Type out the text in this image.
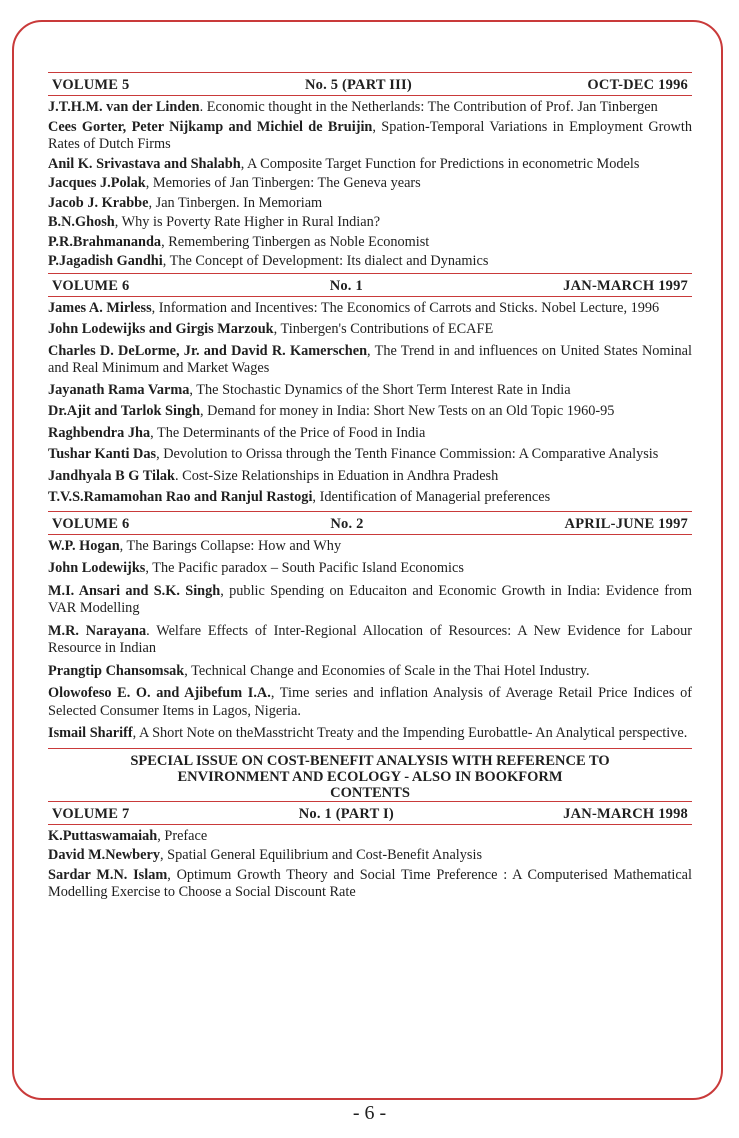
VOLUME 5	No. 5 (PART III)	OCT-DEC 1996
J.T.H.M. van der Linden. Economic thought in the Netherlands: The Contribution of Prof. Jan Tinbergen
Cees Gorter, Peter Nijkamp and Michiel de Bruijin, Spation-Temporal Variations in Employment Growth Rates of Dutch Firms
Anil K. Srivastava and Shalabh, A Composite Target Function for Predictions in econometric Models
Jacques J.Polak, Memories of Jan Tinbergen: The Geneva years
Jacob J. Krabbe, Jan Tinbergen. In Memoriam
B.N.Ghosh, Why is Poverty Rate Higher in Rural Indian?
P.R.Brahmananda, Remembering Tinbergen as Noble Economist
P.Jagadish Gandhi, The Concept of Development: Its dialect and Dynamics
VOLUME 6	No. 1	JAN-MARCH 1997
James A. Mirless, Information and Incentives: The Economics of Carrots and Sticks. Nobel Lecture, 1996
John Lodewijks and Girgis Marzouk, Tinbergen's Contributions of ECAFE
Charles D. DeLorme, Jr. and David R. Kamerschen, The Trend in and influences on United States Nominal and Real Minimum and Market Wages
Jayanath Rama Varma, The Stochastic Dynamics of the Short Term Interest Rate in India
Dr.Ajit and Tarlok Singh, Demand for money in India: Short New Tests on an Old Topic 1960-95
Raghbendra Jha, The Determinants of the Price of Food in India
Tushar Kanti Das, Devolution to Orissa through the Tenth Finance Commission: A Comparative Analysis
Jandhyala B G Tilak. Cost-Size Relationships in Eduation in Andhra Pradesh
T.V.S.Ramamohan Rao and Ranjul Rastogi, Identification of Managerial preferences
VOLUME 6	No. 2	APRIL-JUNE 1997
W.P. Hogan, The Barings Collapse: How and Why
John Lodewijks, The Pacific paradox – South Pacific Island Economics
M.I. Ansari and S.K. Singh, public Spending on Educaiton and Economic Growth in India: Evidence from VAR Modelling
M.R. Narayana. Welfare Effects of Inter-Regional Allocation of Resources: A New Evidence for Labour Resource in Indian
Prangtip Chansomsak, Technical Change and Economies of Scale in the Thai Hotel Industry.
Olowofeso E. O. and Ajibefum I.A., Time series and inflation Analysis of Average Retail Price Indices of Selected Consumer Items in Lagos, Nigeria.
Ismail Shariff, A Short Note on theMasstricht Treaty and the Impending Eurobattle- An Analytical perspective.
SPECIAL ISSUE ON COST-BENEFIT ANALYSIS WITH REFERENCE TO
ENVIRONMENT AND ECOLOGY - ALSO IN BOOKFORM
CONTENTS
VOLUME 7	No. 1 (PART I)	JAN-MARCH 1998
K.Puttaswamaiah, Preface
David M.Newbery, Spatial General Equilibrium and Cost-Benefit Analysis
Sardar M.N. Islam, Optimum Growth Theory and Social Time Preference : A Computerised Mathematical Modelling Exercise to Choose a Social Discount Rate
- 6 -
